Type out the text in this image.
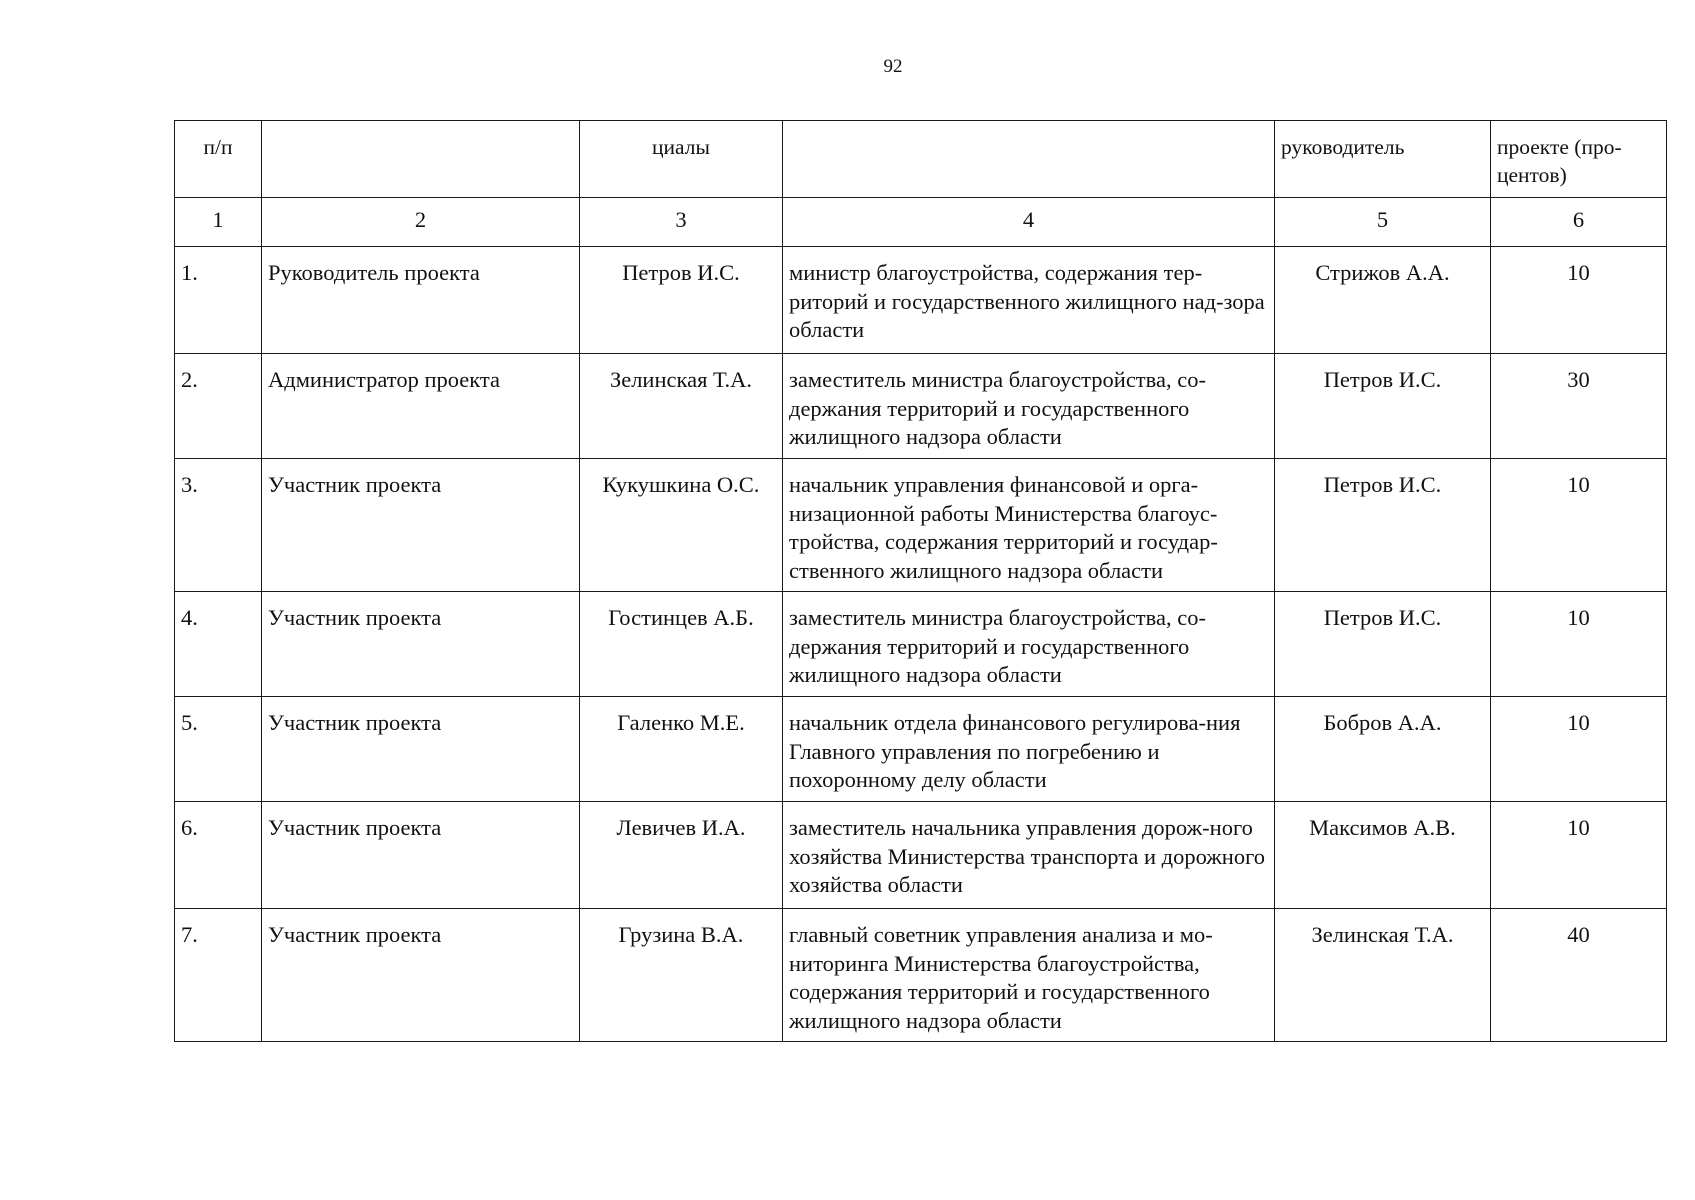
92
п/п		циалы		руководитель	проекте (про-центов)
1	2	3	4	5	6
1.	Руководитель проекта	Петров И.С.	министр благоустройства, содержания тер-риторий и государственного жилищного над-зора области	Стрижов А.А.	10
2.	Администратор проекта	Зелинская Т.А.	заместитель министра благоустройства, со-держания территорий и государственного жилищного надзора области	Петров И.С.	30
3.	Участник проекта	Кукушкина О.С.	начальник управления финансовой и орга-низационной работы Министерства благоус-тройства, содержания территорий и государ-ственного жилищного надзора области	Петров И.С.	10
4.	Участник проекта	Гостинцев А.Б.	заместитель министра благоустройства, со-держания территорий и государственного жилищного надзора области	Петров И.С.	10
5.	Участник проекта	Галенко М.Е.	начальник отдела финансового регулирова-ния Главного управления по погребению и похоронному делу области	Бобров А.А.	10
6.	Участник проекта	Левичев И.А.	заместитель начальника управления дорож-ного хозяйства Министерства транспорта и дорожного хозяйства области	Максимов А.В.	10
7.	Участник проекта	Грузина В.А.	главный советник управления анализа и мо-ниторинга Министерства благоустройства, содержания территорий и государственного жилищного надзора области	Зелинская Т.А.	40
